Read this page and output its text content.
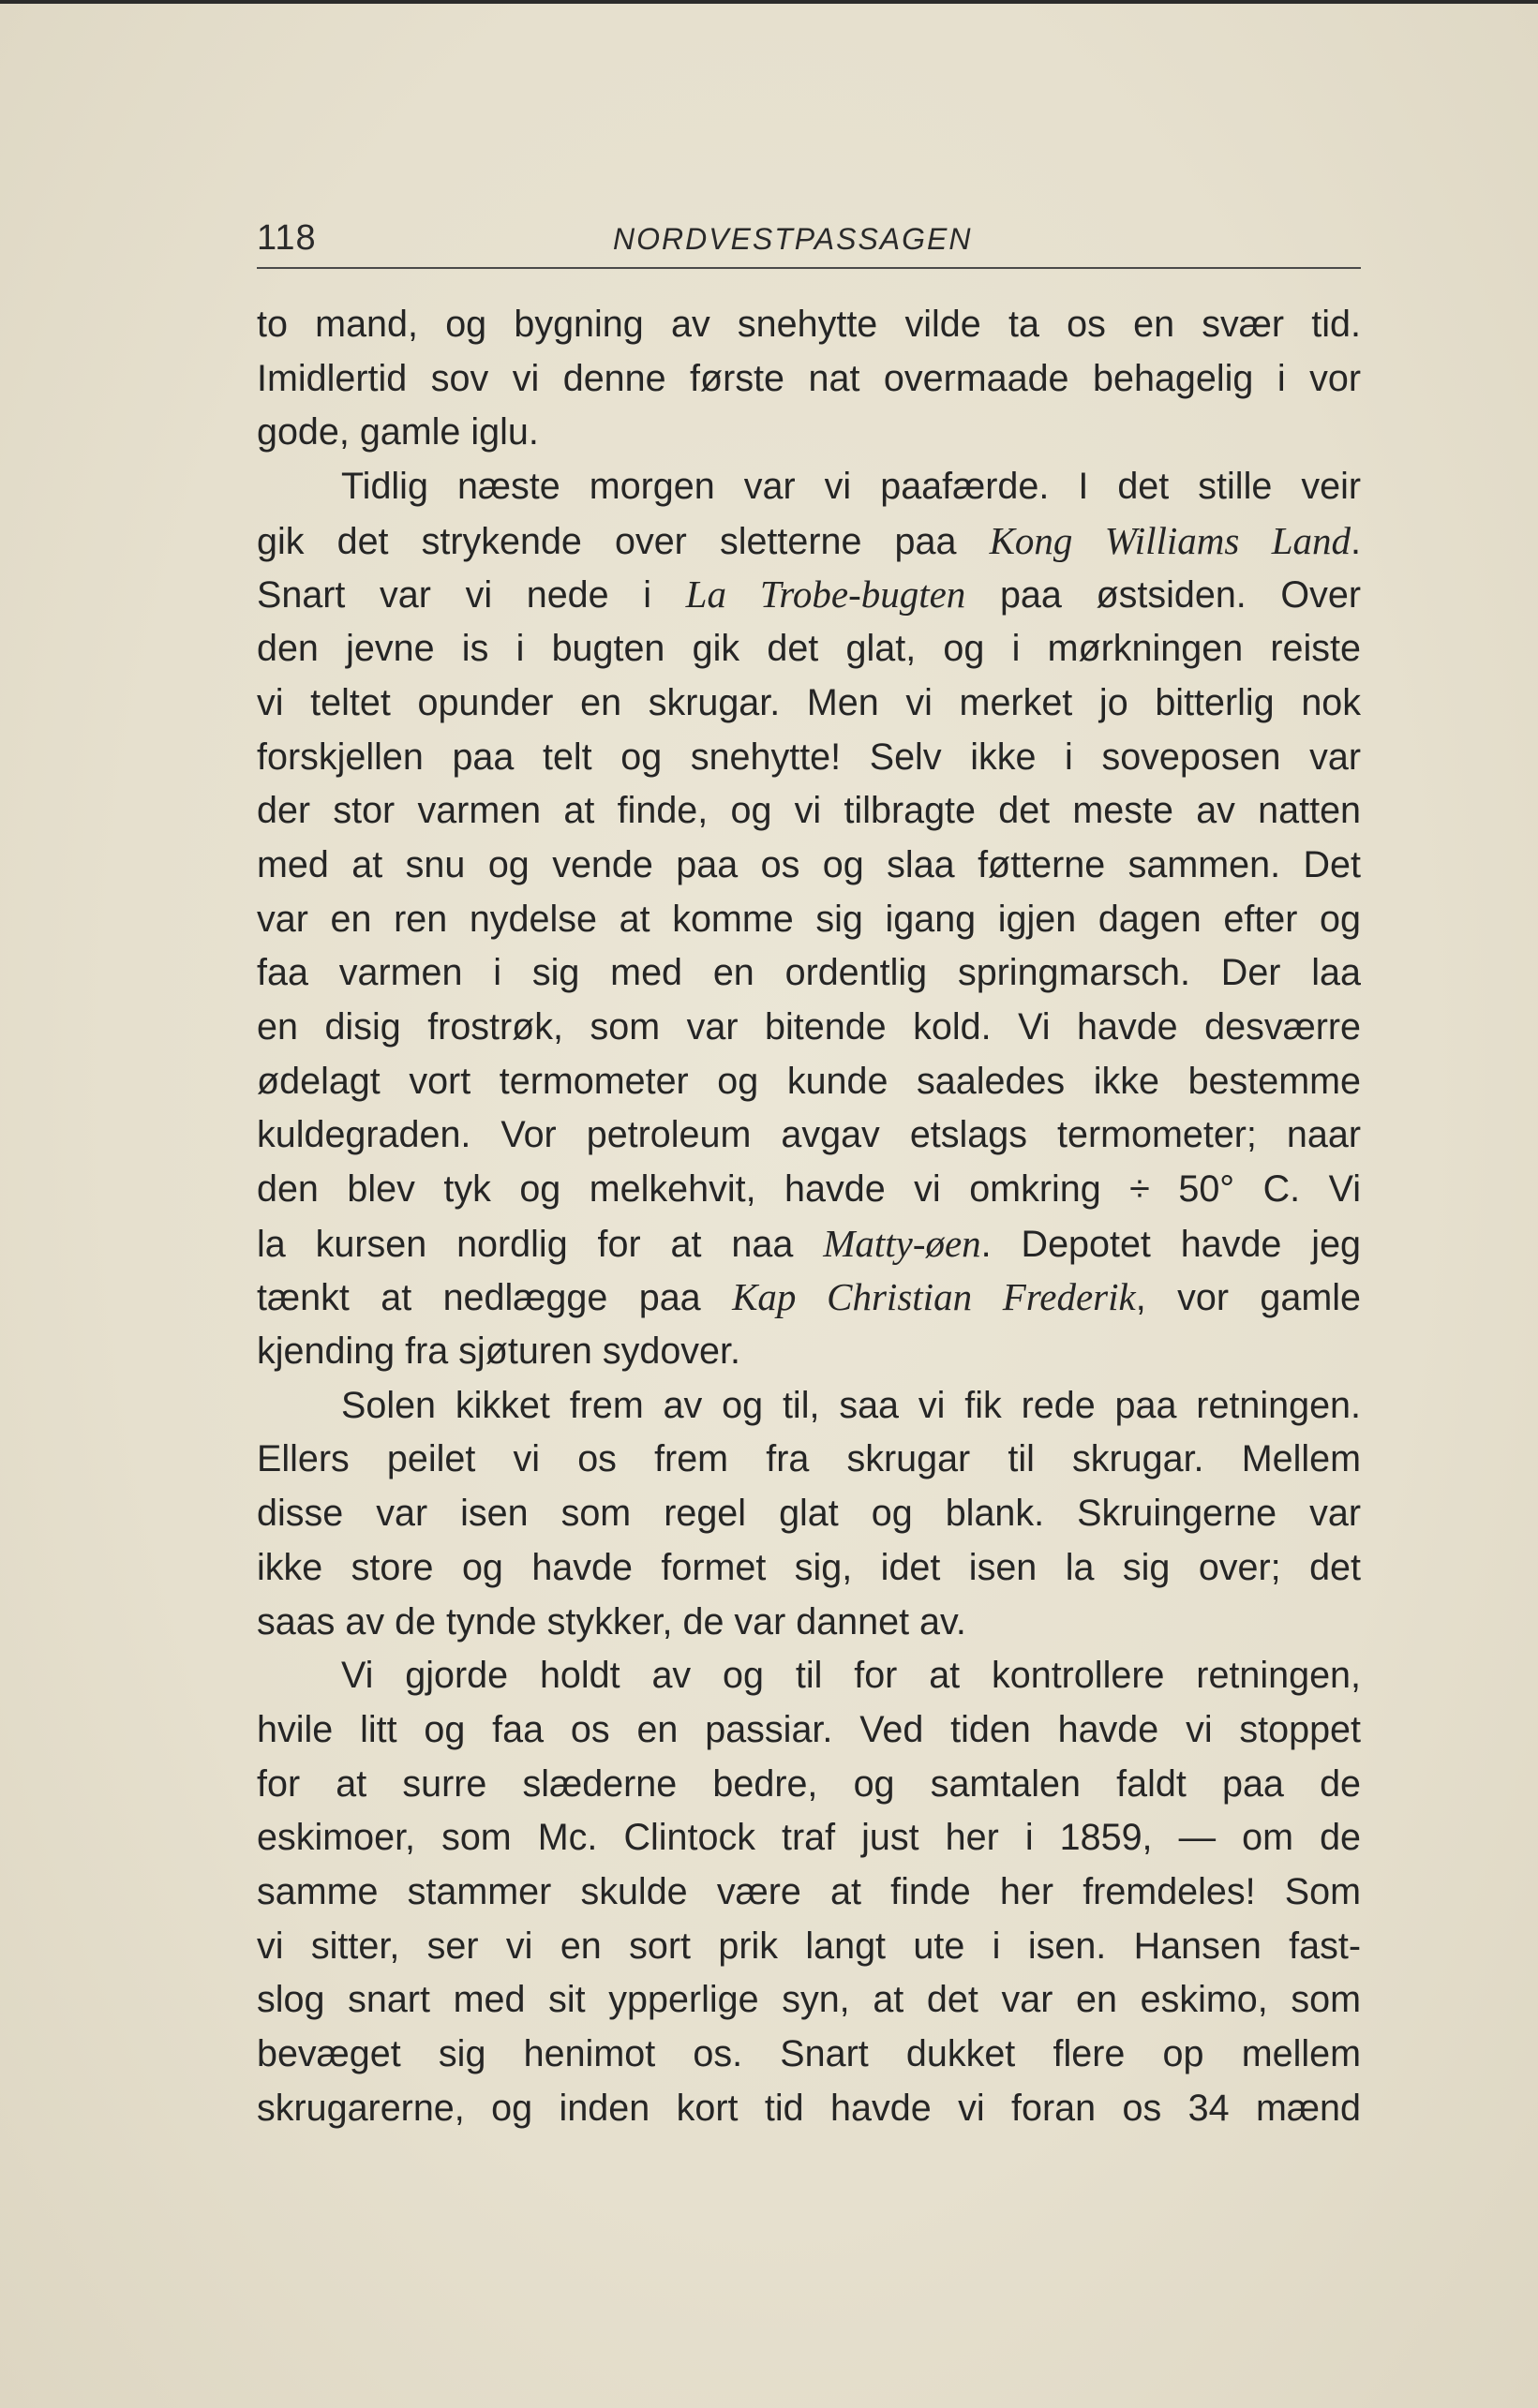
118	NORDVESTPASSAGEN
to mand, og bygning av snehytte vilde ta os en svær tid.
Imidlertid sov vi denne første nat overmaade behagelig i vor
gode, gamle iglu.
Tidlig næste morgen var vi paafærde. I det stille veir
gik det strykende over sletterne paa Kong Williams Land.
Snart var vi nede i La Trobe-bugten paa østsiden. Over
den jevne is i bugten gik det glat, og i mørkningen reiste
vi teltet opunder en skrugar. Men vi merket jo bitterlig nok
forskjellen paa telt og snehytte! Selv ikke i soveposen var
der stor varmen at finde, og vi tilbragte det meste av natten
med at snu og vende paa os og slaa føtterne sammen. Det
var en ren nydelse at komme sig igang igjen dagen efter og
faa varmen i sig med en ordentlig springmarsch. Der laa
en disig frostrøk, som var bitende kold. Vi havde desværre
ødelagt vort termometer og kunde saaledes ikke bestemme
kuldegraden. Vor petroleum avgav etslags termometer; naar
den blev tyk og melkehvit, havde vi omkring ÷ 50° C. Vi
la kursen nordlig for at naa Matty-øen. Depotet havde jeg
tænkt at nedlægge paa Kap Christian Frederik, vor gamle
kjending fra sjøturen sydover.
Solen kikket frem av og til, saa vi fik rede paa retningen.
Ellers peilet vi os frem fra skrugar til skrugar. Mellem
disse var isen som regel glat og blank. Skruingerne var
ikke store og havde formet sig, idet isen la sig over; det
saas av de tynde stykker, de var dannet av.
Vi gjorde holdt av og til for at kontrollere retningen,
hvile litt og faa os en passiar. Ved tiden havde vi stoppet
for at surre slæderne bedre, og samtalen faldt paa de
eskimoer, som Mc. Clintock traf just her i 1859, — om de
samme stammer skulde være at finde her fremdeles! Som
vi sitter, ser vi en sort prik langt ute i isen. Hansen fast-
slog snart med sit ypperlige syn, at det var en eskimo, som
bevæget sig henimot os. Snart dukket flere op mellem
skrugarerne, og inden kort tid havde vi foran os 34 mænd
